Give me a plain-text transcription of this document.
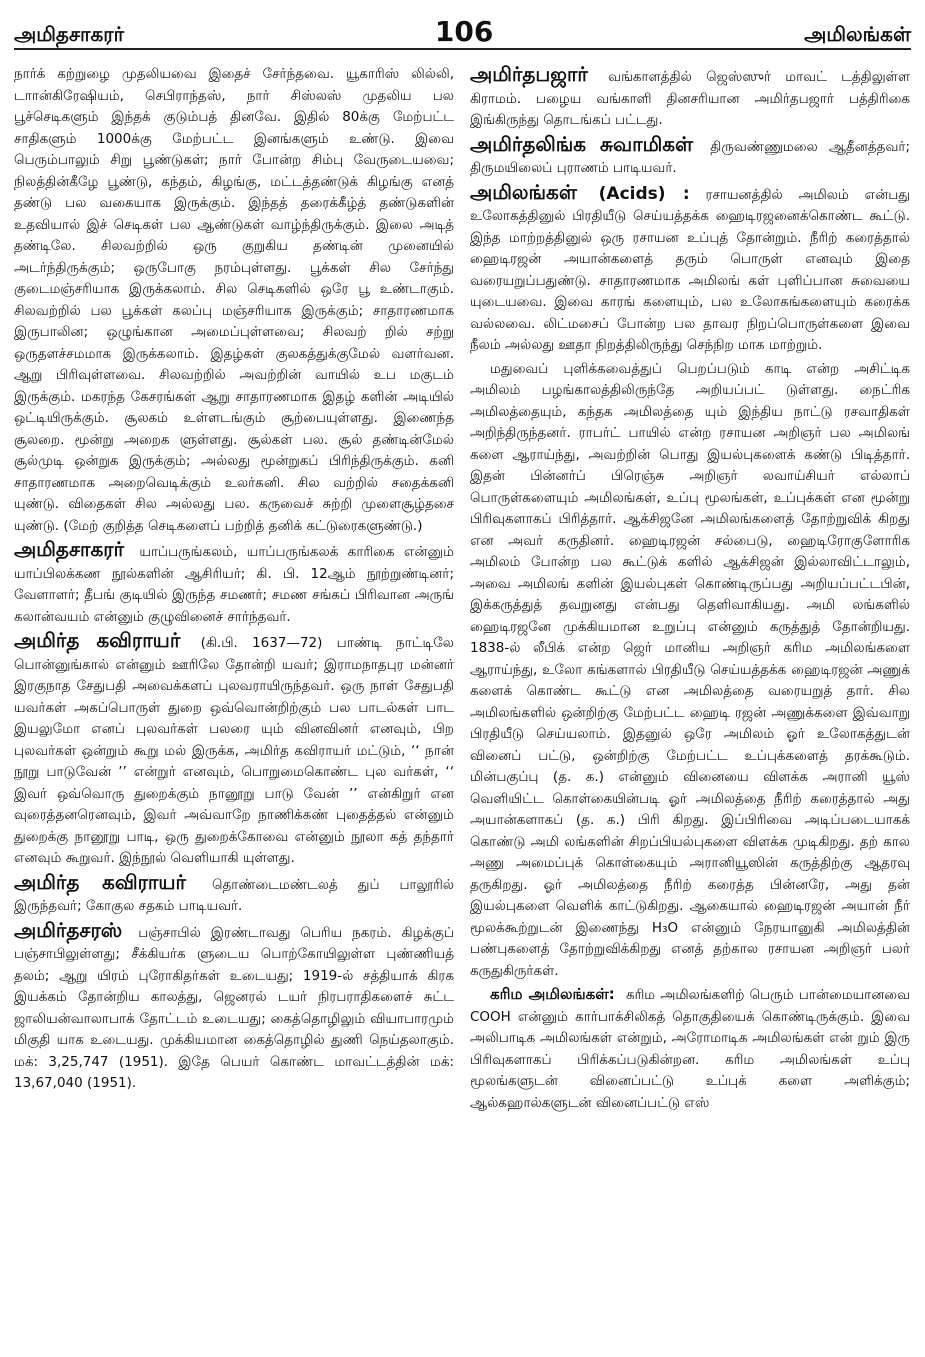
அமிதசாகரர்	106	அமிலங்கள்

நார்க் கற்றுழை முதலியவை இதைச் சேர்ந்தவை. யூகாரிஸ் லில்லி, டாான்கிரேஷியம், செபிராந்தஸ், நார் சிஸ்லஸ் முதலிய பல பூச்செடிகளும் இந்தக் குடும்பத் தினவே. இதில் 80க்கு மேற்பட்ட சாதிகளும் 1000க்கு மேற்பட்ட இனங்களும் உண்டு. இவை பெரும்பாலும் சிறு பூண்டுகள்; நார் போன்ற சிம்பு வேருடையவை; நிலத்தின்கீழே பூண்டு, கந்தம், கிழங்கு, மட்டத்தண்டுக் கிழங்கு எனத் தண்டு பல வகையாக இருக்கும். இந்தத் தரைக்கீழ்த் தண்டுகளின் உதவியால் இச் செடிகள் பல ஆண்டுகள் வாழ்ந்திருக்கும். இலை அடித் தண்டிலே. சிலவற்றில் ஒரு குறுகிய தண்டின் முனையில் அடர்ந்திருக்கும்; ஒருபோகு நரம்புள்ளது. பூக்கள் சில சேர்ந்து குடைமஞ்சரியாக இருக்கலாம். சில செடிகளில் ஒரே பூ உண்டாகும். சிலவற்றில் பல பூக்கள் கலப்பு மஞ்சரியாக இருக்கும்; சாதாரணமாக இருபாலின; ஒழுங்கான அமைப்புள்ளவை; சிலவற் றில் சற்று ஒருதளச்சமமாக இருக்கலாம். இதழ்கள் குலகத்துக்குமேல் வளர்வன. ஆறு பிரிவுள்ளவை. சிலவற்றில் அவற்றின் வாயில் உப மகுடம் இருக்கும். மகரந்த கேசரங்கள் ஆறு சாதாரணமாக இதழ் களின் அடியில் ஒட்டியிருக்கும். சூலகம் உள்ளடங்கும் சூற்பையுள்ளது. இணைந்த சூலறை. மூன்று அறைக ளுள்ளது. சூல்கள் பல. சூல் தண்டின்மேல் சூல்முடி ஒன்றுக இருக்கும்; அல்லது மூன்றுகப் பிரிந்திருக்கும். கனி சாதாரணமாக அறைவெடிக்கும் உலர்கனி. சில வற்றில் சதைக்கனி யுண்டு. விதைகள் சில அல்லது பல. கருவைச் சுற்றி முளைசூழ்தசை யுண்டு. (மேற் குறித்த செடிகளைப் பற்றித் தனிக் கட்டுரைகளுண்டு.)

அமிதசாகரர் யாப்பருங்கலம், யாப்பருங்கலக் காரிகை என்னும் யாப்பிலக்கண நூல்களின் ஆசிரியர்; கி. பி. 12ஆம் நூற்றுண்டினர்; வேளாளர்; தீபங் குடியில் இருந்த சமணர்; சமண சங்கப் பிரிவான அருங் கலான்வயம் என்னும் குழுவினைச் சார்ந்தவர்.

அமிர்த கவிராயர் (கி.பி. 1637—72) பாண்டி நாட்டிலே பொன்னுங்கால் என்னும் ஊரிலே தோன்றி யவர்; இராமநாதபுர மன்னர் இரகுநாத சேதுபதி அவைக்களப் புலவராயிருந்தவர். ஒரு நாள் சேதுபதி யவர்கள் அகப்பொருள் துறை ஒவ்வொன்றிற்கும் பல பாடல்கள் பாட இயலுமோ எனப் புலவர்கள் பலரை யும் வினவினர் எனவும், பிற புலவர்கள் ஒன்றும் கூறு மல் இருக்க, அமிர்த கவிராயர் மட்டும், ‘‘ நான் நூறு பாடுவேன் ’’ என்றுர் எனவும், பொறுமைகொண்ட புல வர்கள், ‘‘ இவர் ஒவ்வொரு துறைக்கும் நானூறு பாடு வேன் ’’ என்கிறுர் என வுரைத்தனரெனவும், இவர் அவ்வாறே நாணிக்கண் புதைத்தல் என்னும் துறைக்கு நானூறு பாடி, ஒரு துறைக்கோவை என்னும் நூலா கத் தந்தார் எனவும் கூறுவர். இந்நூல் வெளியாகி யுள்ளது.

அமிர்த கவிராயர் தொண்டைமண்டலத் துப் பாலூரில் இருந்தவர்; கோகுல சதகம் பாடியவர்.

அமிர்தசரஸ் பஞ்சாபில் இரண்டாவது பெரிய நகரம். கிழக்குப் பஞ்சாபிலுள்ளது; சீக்கியர்க ளுடைய பொற்கோயிலுள்ள புண்ணியத் தலம்; ஆறு யிரம் புரோகிதர்கள் உடையது; 1919-ல் சத்தியாக் கிரக இயக்கம் தோன்றிய காலத்து, ஜெனரல் டயர் நிரபராதிகளைச் சுட்ட ஜாலியன்வாலாபாக் தோட்டம் உடையது; கைத்தொழிலும் வியாபாரமும் மிகுதி யாக உடையது. முக்கியமான கைத்தொழில் துணி நெய்தலாகும். மக்: 3,25,747 (1951). இதே பெயர் கொண்ட மாவட்டத்தின் மக்: 13,67,040 (1951).

அமிர்தபஜார் வங்காளத்தில் ஜெஸ்ஸுர் மாவட் டத்திலுள்ள கிராமம். பழைய வங்காளி தினசரியான அமிர்தபஜார் பத்திரிகை இங்கிருந்து தொடங்கப் பட்டது.

அமிர்தலிங்க சுவாமிகள் திருவண்ணுமலை ஆதீனத்தவர்; திருமயிலைப் புராணம் பாடியவர்.

அமிலங்கள் (Acids) : ரசாயனத்தில் அமிலம் என்பது உலோகத்தினுல் பிரதியீடு செய்யத்தக்க ஹைடிரஜனைக்கொண்ட கூட்டு. இந்த மாற்றத்தினுல் ஒரு ரசாயன உப்புத் தோன்றும். நீரிற் கரைத்தால் ஹைடிரஜன் அயான்களைத் தரும் பொருள் எனவும் இதை வரையறுப்பதுண்டு. சாதாரணமாக அமிலங் கள் புளிப்பான சுவையை யுடையவை. இவை காரங் களையும், பல உலோகங்களையும் கரைக்க வல்லவை. லிட்மசைப் போன்ற பல தாவர நிறப்பொருள்களை இவை நீலம் அல்லது ஊதா நிறத்திலிருந்து செந்நிற மாக மாற்றும்.

மதுவைப் புளிக்கவைத்துப் பெறப்படும் காடி என்ற அசிட்டிக அமிலம் பழங்காலத்திலிருந்தே அறியப்பட் டுள்ளது. நைட்ரிக அமிலத்தையும், கந்தக அமிலத்தை யும் இந்திய நாட்டு ரசவாதிகள் அறிந்திருந்தனர். ராபர்ட் பாயில் என்ற ரசாயன அறிஞர் பல அமிலங் களை ஆராய்ந்து, அவற்றின் பொது இயல்புகளைக் கண்டு பிடித்தார். இதன் பின்னர்ப் பிரெஞ்சு அறிஞர் லவாய்சியர் எல்லாப் பொருள்களையும் அமிலங்கள், உப்பு மூலங்கள், உப்புக்கள் என மூன்று பிரிவுகளாகப் பிரித்தார். ஆக்சிஜனே அமிலங்களைத் தோற்றுவிக் கிறது என அவர் கருதினர். ஹைடிரஜன் சல்பைடு, ஹைடிரோகுளோரிக அமிலம் போன்ற பல கூட்டுக் களில் ஆக்சிஜன் இல்லாவிட்டாலும், அவை அமிலங் களின் இயல்புகள் கொண்டிருப்பது அறியப்பட்டபின், இக்கருத்துத் தவறுனது என்பது தெளிவாகியது. அமி லங்களில் ஹைடிரஜனே முக்கியமான உறுப்பு என்னும் கருத்துத் தோன்றியது. 1838-ல் லீபிக் என்ற ஜெர் மானிய அறிஞர் கரிம அமிலங்களை ஆராய்ந்து, உலோ கங்களால் பிரதியீடு செய்யத்தக்க ஹைடிரஜன் அணுக் களைக் கொண்ட கூட்டு என அமிலத்தை வரையறுத் தார். சில அமிலங்களில் ஒன்றிற்கு மேற்பட்ட ஹைடி ரஜன் அணுக்களை இவ்வாறு பிரதியீடு செய்யலாம். இதனுல் ஒரே அமிலம் ஓர் உலோகத்துடன் வினைப் பட்டு, ஒன்றிற்கு மேற்பட்ட உப்புக்களைத் தரக்கூடும். மின்பகுப்பு (த. க.) என்னும் வினையை விளக்க அரானி யூஸ் வெளியிட்ட கொள்கையின்படி ஓர் அமிலத்தை நீரிற் கரைத்தால் அது அயான்களாகப் (த. க.) பிரி கிறது. இப்பிரிவை அடிப்படையாகக் கொண்டு அமி லங்களின் சிறப்பியல்புகளை விளக்க முடிகிறது. தற் கால அணு அமைப்புக் கொள்கையும் அரானியூஸின் கருத்திற்கு ஆதரவு தருகிறது. ஓர் அமிலத்தை நீரிற் கரைத்த பின்னரே, அது தன் இயல்புகளை வெளிக் காட்டுகிறது. ஆகையால் ஹைடிரஜன் அயான் நீர் மூலக்கூற்றுடன் இணைந்து H₃O என்னும் நேரயானுகி அமிலத்தின் பண்புகளைத் தோற்றுவிக்கிறது எனத் தற்கால ரசாயன அறிஞர் பலர் கருதுகிருர்கள்.

கரிம அமிலங்கள்: கரிம அமிலங்களிற் பெரும் பான்மையானவை COOH என்னும் கார்பாக்சிலிகத் தொகுதியைக் கொண்டிருக்கும். இவை அலிபாடிக அமிலங்கள் என்றும், அரோமாடிக அமிலங்கள் என் றும் இரு பிரிவுகளாகப் பிரிக்கப்படுகின்றன. கரிம அமிலங்கள் உப்பு மூலங்களுடன் வினைப்பட்டு உப்புக் களை அளிக்கும்; ஆல்கஹால்களுடன் வினைப்பட்டு எஸ்
